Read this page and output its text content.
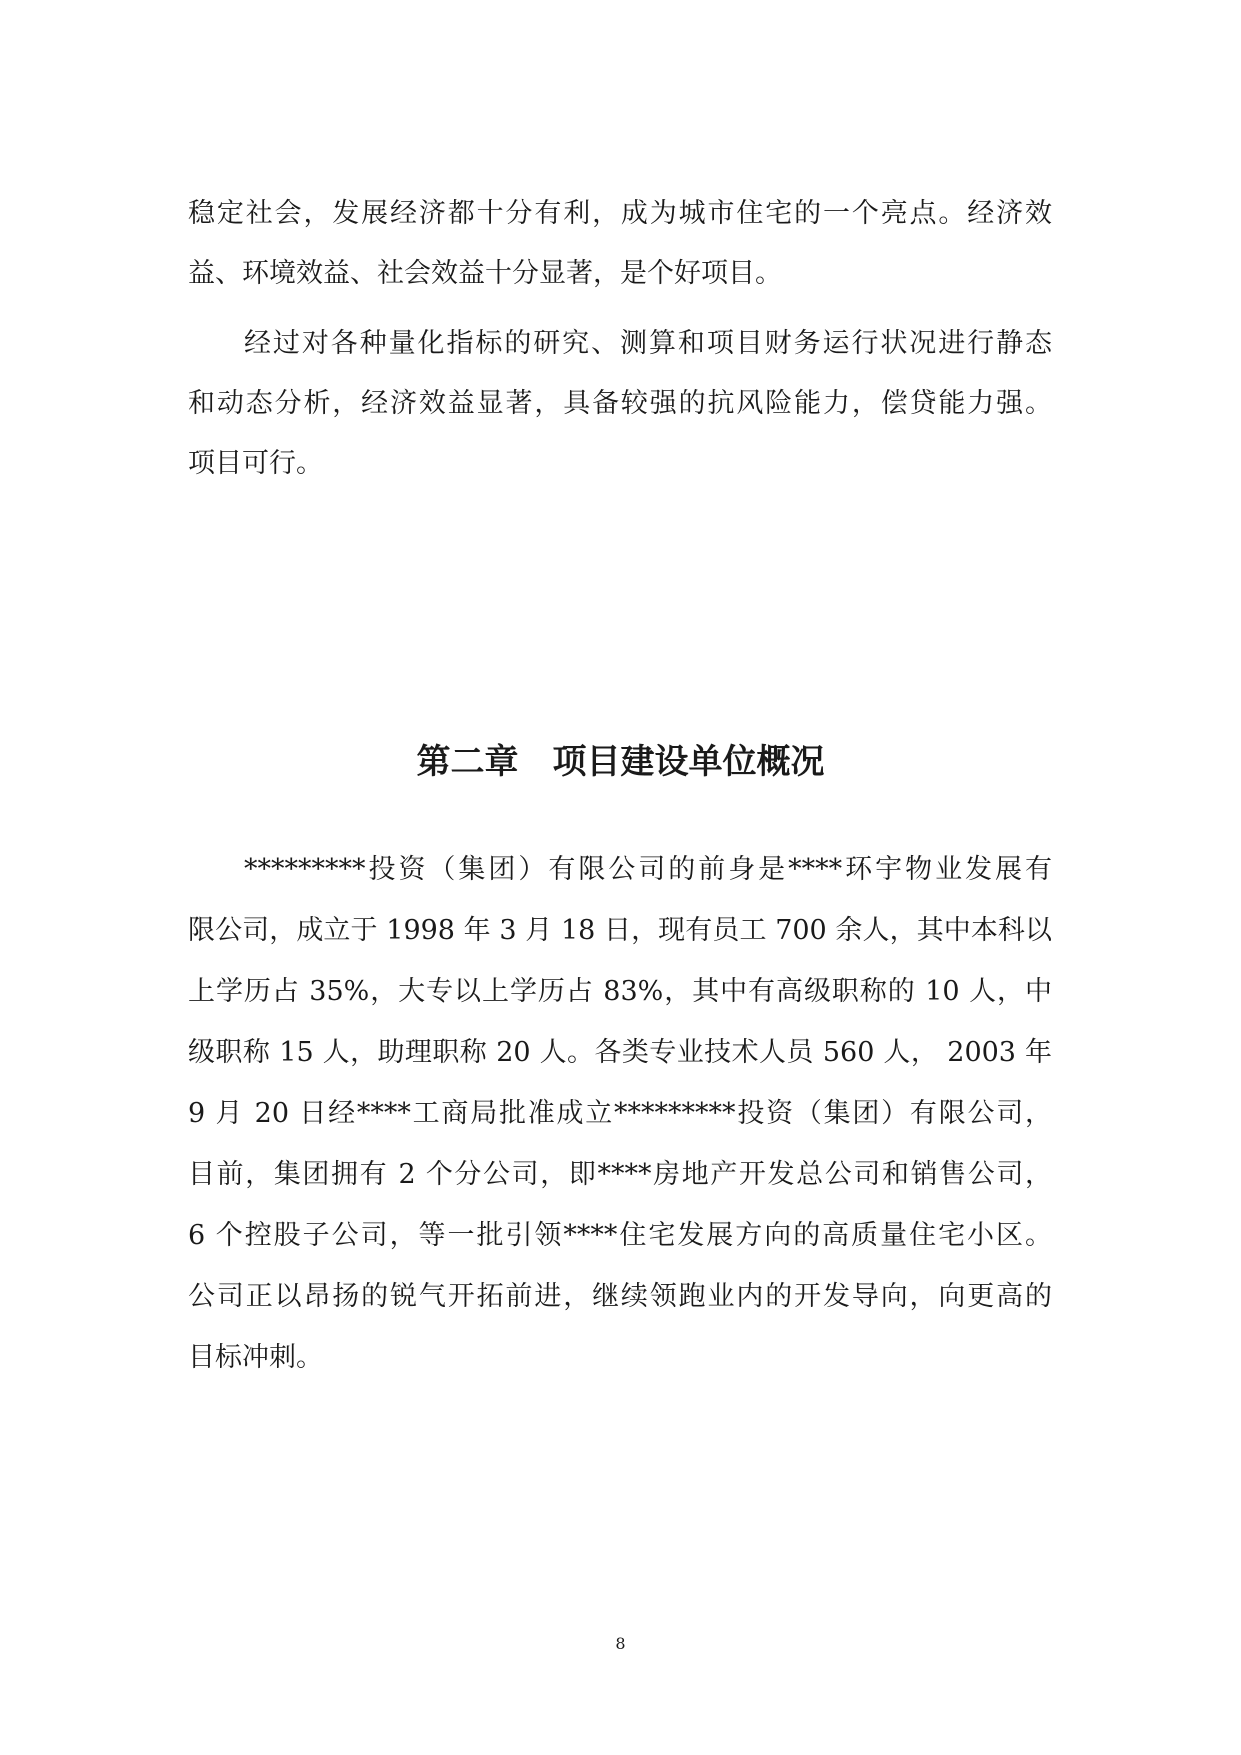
稳定社会，发展经济都十分有利，成为城市住宅的一个亮点。经济效
益、环境效益、社会效益十分显著，是个好项目。
经过对各种量化指标的研究、测算和项目财务运行状况进行静态
和动态分析，经济效益显著，具备较强的抗风险能力，偿贷能力强。
项目可行。
第二章　项目建设单位概况
*********投资（集团）有限公司的前身是****环宇物业发展有
限公司，成立于 1998 年 3 月 18 日，现有员工 700 余人，其中本科以
上学历占 35%，大专以上学历占 83%，其中有高级职称的 10 人，中
级职称 15 人，助理职称 20 人。各类专业技术人员 560 人， 2003 年
9 月 20 日经****工商局批准成立*********投资（集团）有限公司，
目前，集团拥有 2 个分公司，即****房地产开发总公司和销售公司，
6 个控股子公司，等一批引领****住宅发展方向的高质量住宅小区。
公司正以昂扬的锐气开拓前进，继续领跑业内的开发导向，向更高的
目标冲刺。
8
